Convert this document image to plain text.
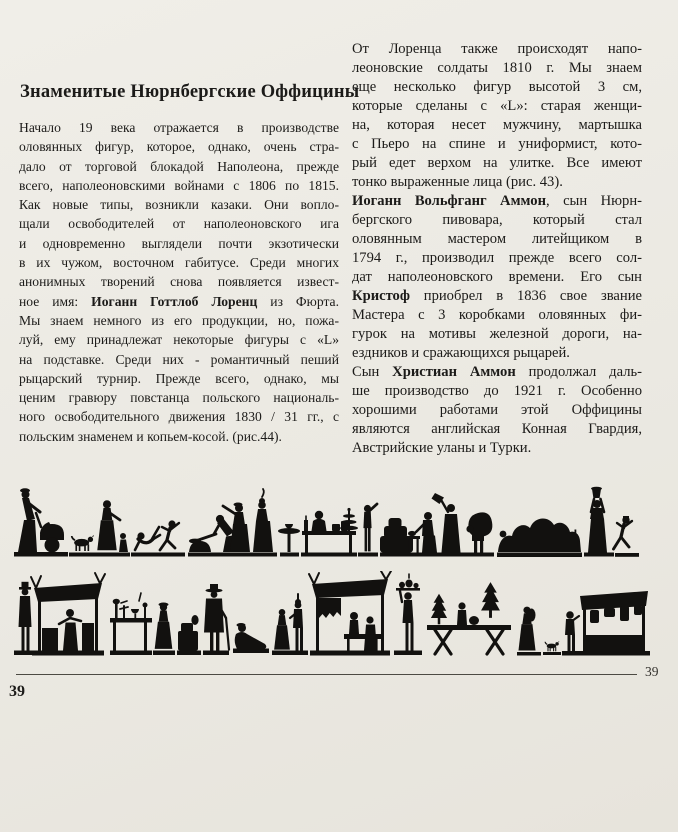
Знаменитые Нюрнбергские Оффицины
Начало 19 века отражается в производстве
оловянных фигур, которое, однако, очень стра-
дало от торговой блокадой Наполеона, прежде
всего, наполеоновскими войнами с 1806 по 1815.
Как новые типы, возникли казаки. Они вопло-
щали освободителей от наполеоновского ига
и одновременно выглядели почти экзотически
в их чужом, восточном габитусе. Среди многих
анонимных творений снова появляется извест-
ное имя: Иоганн Готтлоб Лоренц из Фюрта.
Мы знаем немного из его продукции, но, пожа-
луй, ему принадлежат некоторые фигуры с «L»
на подставке. Среди них - романтичный пеший
рыцарский турнир. Прежде всего, однако, мы
ценим гравюру повстанца польского националь-
ного освободительного движения 1830 / 31 гг., с
польским знаменем и копьем-косой. (рис.44).
От Лоренца также происходят напо-
леоновские солдаты 1810 г. Мы знаем
еще несколько фигур высотой 3 см,
которые сделаны с «L»: старая женщи-
на, которая несет мужчину, мартышка
с Пьеро на спине и униформист, кото-
рый едет верхом на улитке. Все имеют
тонко выраженные лица (рис. 43).
Иоганн Вольфганг Аммон, сын Нюрн-
бергского пивовара, который стал
оловянным мастером литейщиком в
1794 г., производил прежде всего сол-
дат наполеоновского времени. Его сын
Кристоф приобрел в 1836 свое звание
Мастера с 3 коробками оловянных фи-
гурок на мотивы железной дороги, на-
ездников и сражающихся рыцарей.
Сын Христиан Аммон продолжал даль-
ше производство до 1921 г. Особенно
хорошими работами этой Оффицины
являются английская Конная Гвардия,
Австрийские уланы и Турки.
39
39
